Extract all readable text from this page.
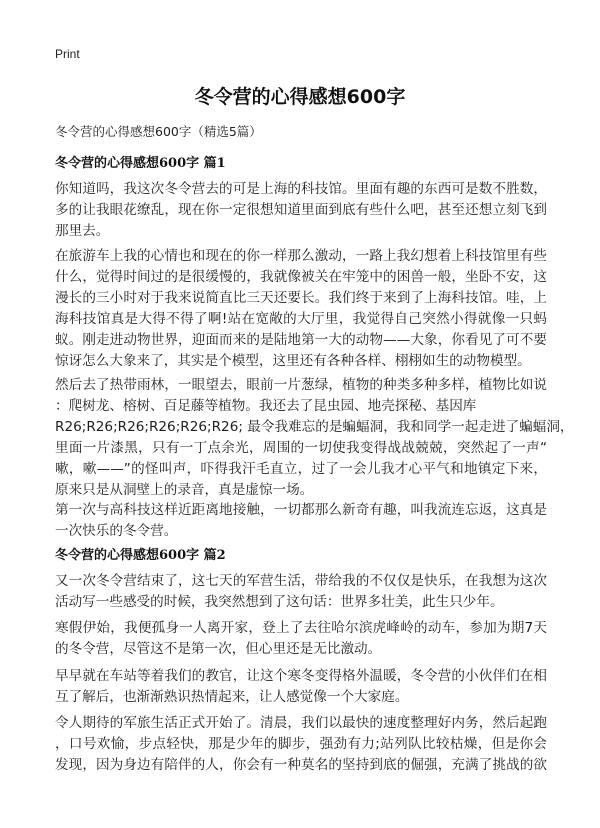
Print
冬令营的心得感想600字
冬令营的心得感想600字（精选5篇）
冬令营的心得感想600字 篇1
你知道吗，我这次冬令营去的可是上海的科技馆。里面有趣的东西可是数不胜数，
多的让我眼花缭乱，现在你一定很想知道里面到底有些什么吧，甚至还想立刻飞到
那里去。
在旅游车上我的心情也和现在的你一样那么激动，一路上我幻想着上科技馆里有些
什么，觉得时间过的是很缓慢的，我就像被关在牢笼中的困兽一般，坐卧不安，这
漫长的三小时对于我来说简直比三天还要长。我们终于来到了上海科技馆。哇，上
海科技馆真是大得不得了啊!站在宽敞的大厅里，我觉得自己突然小得就像一只蚂
蚁。刚走进动物世界，迎面而来的是陆地第一大的动物——大象，你看见了可不要
惊讶怎么大象来了，其实是个模型，这里还有各种各样、栩栩如生的动物模型。
然后去了热带雨林，一眼望去，眼前一片葱绿，植物的种类多种多样，植物比如说
：爬树龙、榕树、百足藤等植物。我还去了昆虫园、地壳探秘、基因库
R26;R26;R26;R26;R26;R26; 最令我难忘的是蝙蝠洞，我和同学一起走进了蝙蝠洞，
里面一片漆黑，只有一丁点余光，周围的一切使我变得战战兢兢，突然起了一声“
嗽，嗽——”的怪叫声，吓得我汗毛直立，过了一会儿我才心平气和地镇定下来，
原来只是从洞壁上的录音，真是虚惊一场。
第一次与高科技这样近距离地接触，一切都那么新奇有趣，叫我流连忘返，这真是
一次快乐的冬令营。
冬令营的心得感想600字 篇2
又一次冬令营结束了，这七天的军营生活，带给我的不仅仅是快乐，在我想为这次
活动写一些感受的时候，我突然想到了这句话：世界多壮美，此生只少年。
寒假伊始，我便孤身一人离开家，登上了去往哈尔滨虎峰岭的动车，参加为期7天
的冬令营，尽管这不是第一次，但心里还是无比激动。
早早就在车站等着我们的教官，让这个寒冬变得格外温暖，冬令营的小伙伴们在相
互了解后，也渐渐熟识热情起来，让人感觉像一个大家庭。
令人期待的军旅生活正式开始了。清晨，我们以最快的速度整理好内务，然后起跑
，口号欢愉，步点轻快，那是少年的脚步，强劲有力;站列队比较枯燥，但是你会
发现，因为身边有陪伴的人，你会有一种莫名的坚持到底的倔强，充满了挑战的欲
